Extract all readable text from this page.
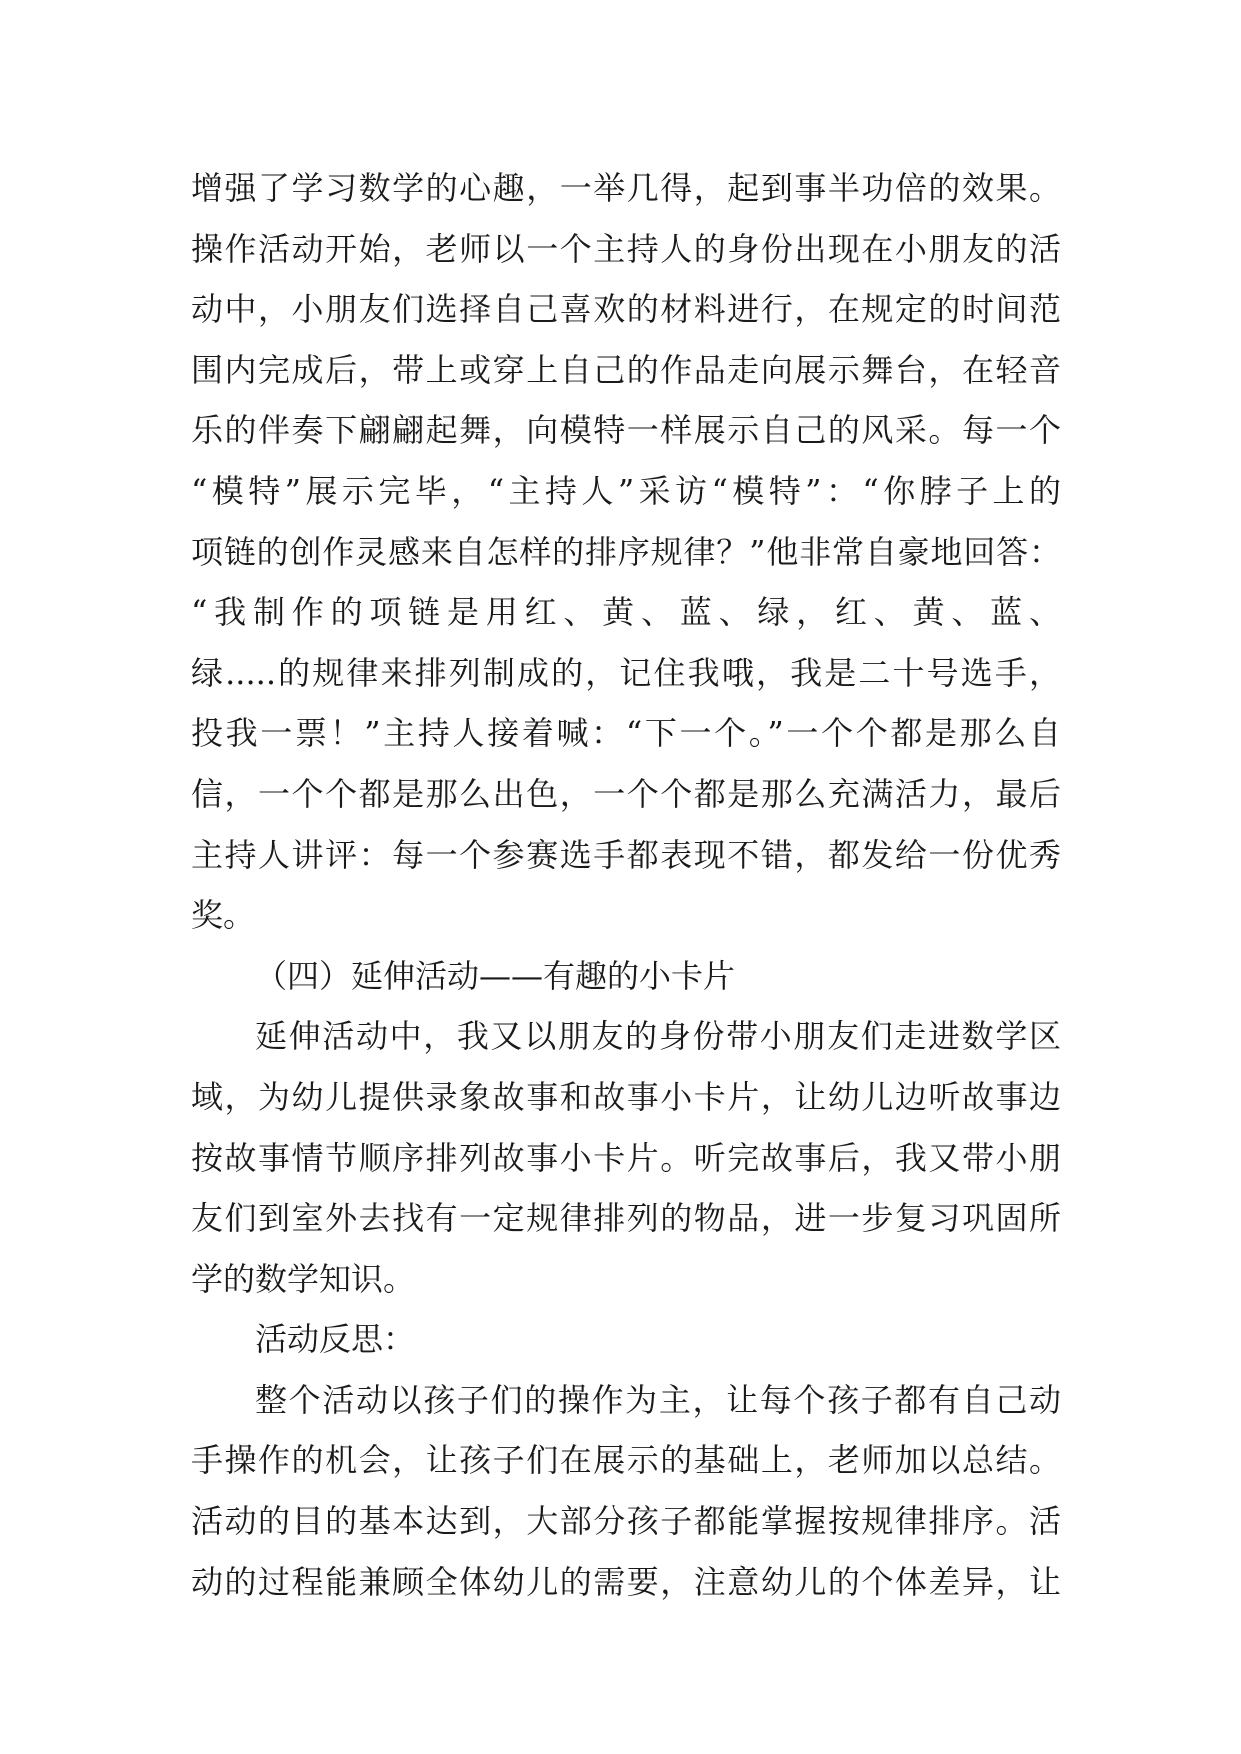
增强了学习数学的心趣，一举几得，起到事半功倍的效果。
操作活动开始，老师以一个主持人的身份出现在小朋友的活
动中，小朋友们选择自己喜欢的材料进行，在规定的时间范
围内完成后，带上或穿上自己的作品走向展示舞台，在轻音
乐的伴奏下翩翩起舞，向模特一样展示自己的风采。每一个
“模特”展示完毕，“主持人”采访“模特”：“你脖子上的
项链的创作灵感来自怎样的排序规律？”他非常自豪地回答：
“我制作的项链是用红、黄、蓝、绿，红、黄、蓝、
绿.....的规律来排列制成的，记住我哦，我是二十号选手，
投我一票！”主持人接着喊：“下一个。”一个个都是那么自
信，一个个都是那么出色，一个个都是那么充满活力，最后
主持人讲评：每一个参赛选手都表现不错，都发给一份优秀
奖。
（四）延伸活动——有趣的小卡片
延伸活动中，我又以朋友的身份带小朋友们走进数学区
域，为幼儿提供录象故事和故事小卡片，让幼儿边听故事边
按故事情节顺序排列故事小卡片。听完故事后，我又带小朋
友们到室外去找有一定规律排列的物品，进一步复习巩固所
学的数学知识。
活动反思：
整个活动以孩子们的操作为主，让每个孩子都有自己动
手操作的机会，让孩子们在展示的基础上，老师加以总结。
活动的目的基本达到，大部分孩子都能掌握按规律排序。活
动的过程能兼顾全体幼儿的需要，注意幼儿的个体差异，让
